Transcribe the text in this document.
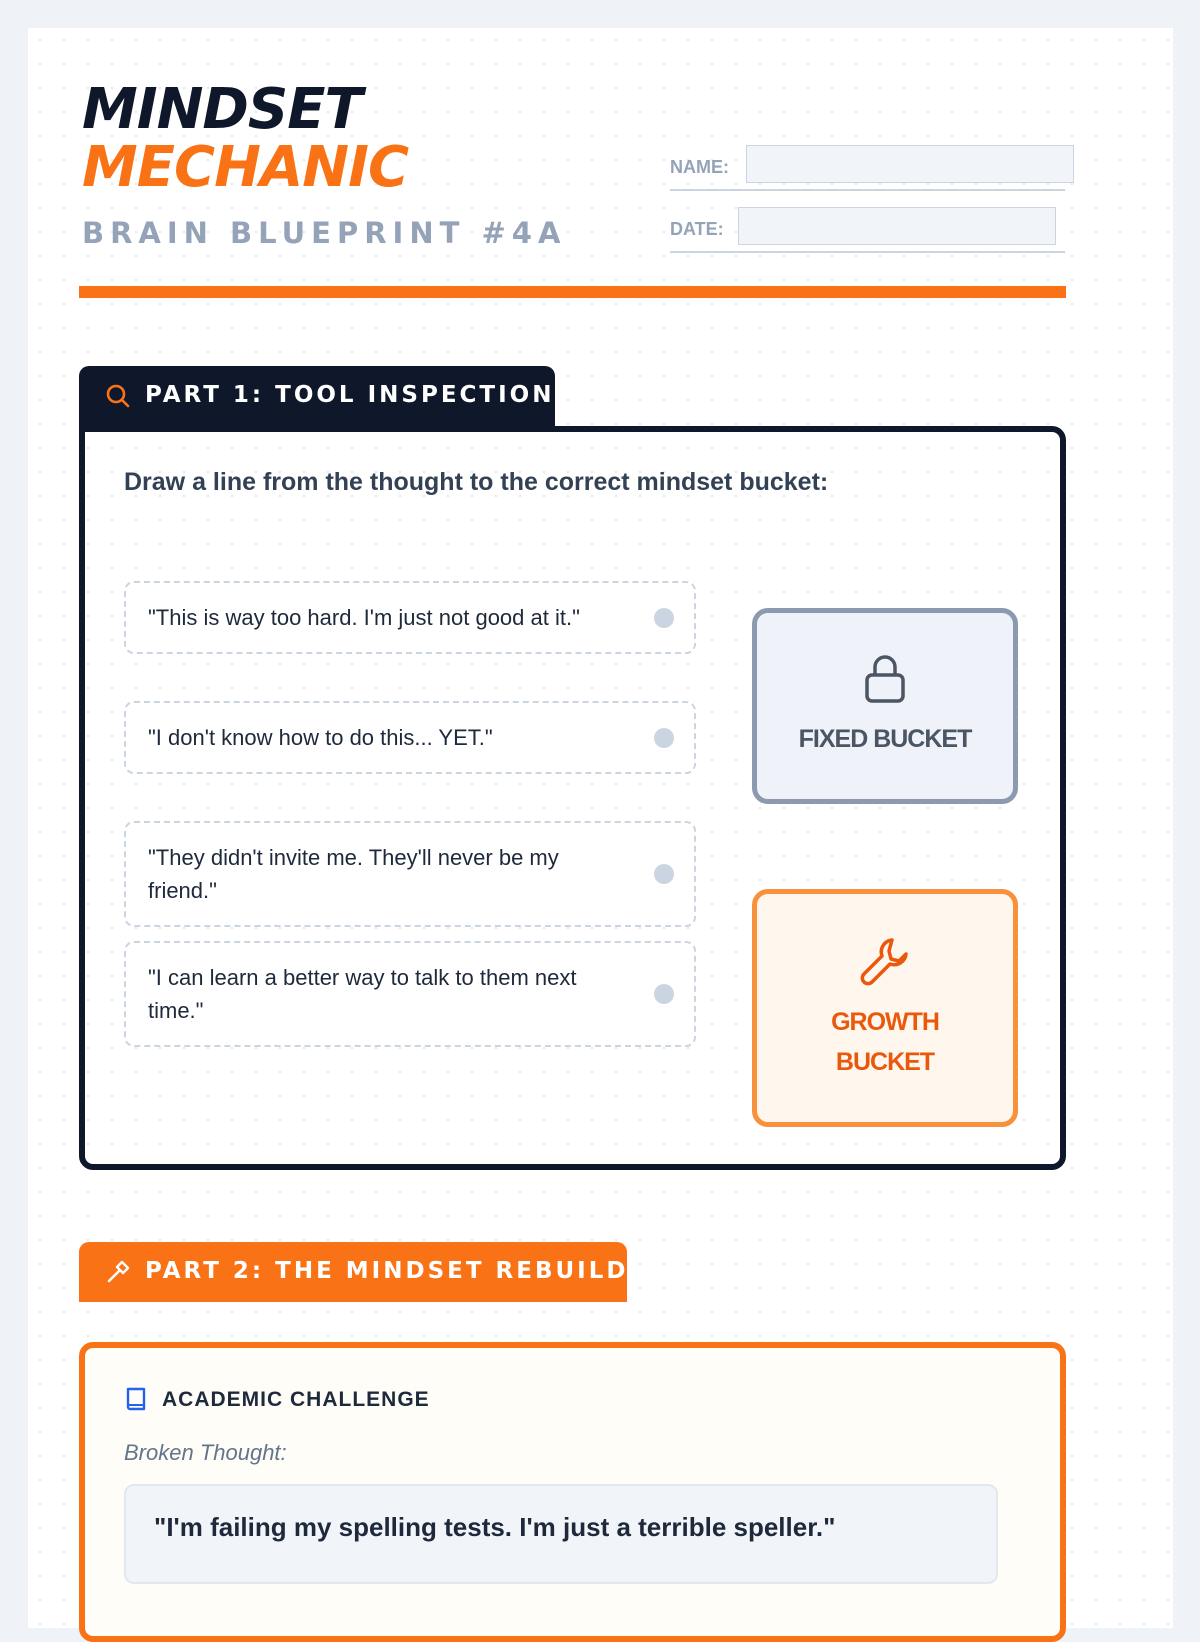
MINDSET
MECHANIC
BRAIN BLUEPRINT #4A
NAME:
DATE:
PART 1: TOOL INSPECTION
Draw a line from the thought to the correct mindset bucket:
"This is way too hard. I'm just not good at it."
"I don't know how to do this... YET."
"They didn't invite me. They'll never be my friend."
"I can learn a better way to talk to them next time."
FIXED BUCKET
GROWTH BUCKET
PART 2: THE MINDSET REBUILD
ACADEMIC CHALLENGE
Broken Thought:
"I'm failing my spelling tests. I'm just a terrible speller."
